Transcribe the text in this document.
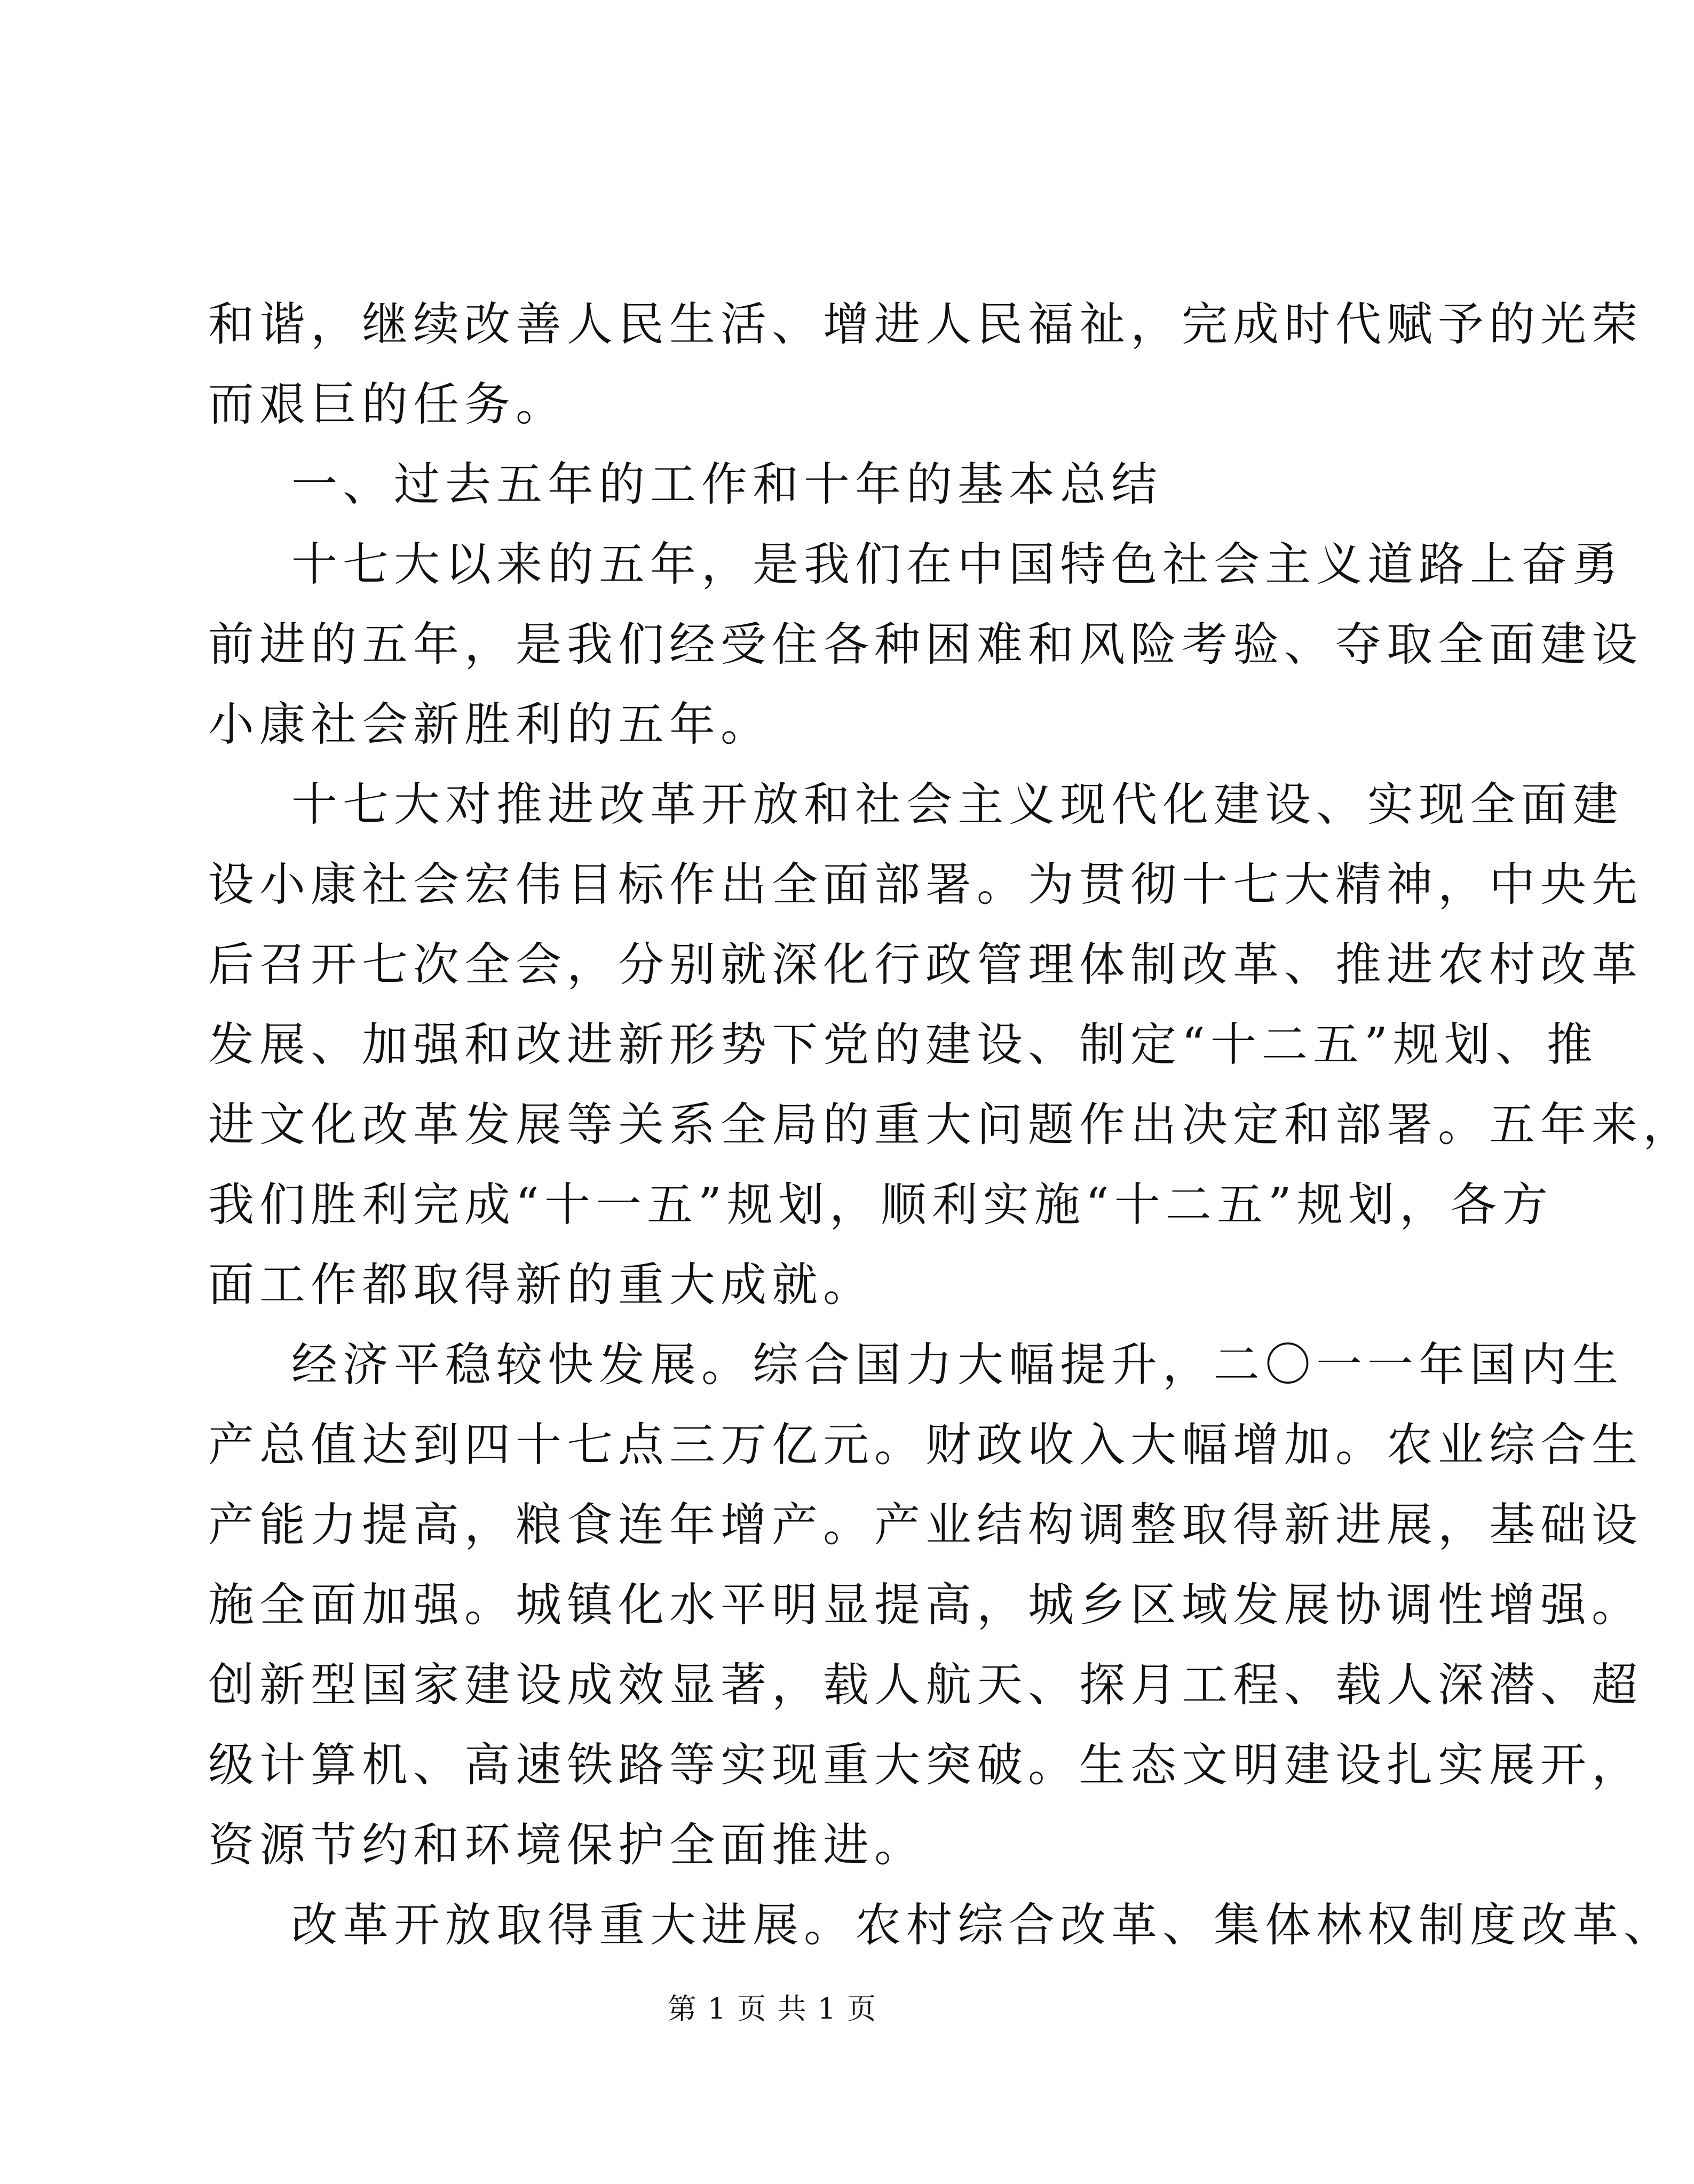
和谐，继续改善人民生活、增进人民福祉，完成时代赋予的光荣

而艰巨的任务。

一、过去五年的工作和十年的基本总结

十七大以来的五年，是我们在中国特色社会主义道路上奋勇

前进的五年，是我们经受住各种困难和风险考验、夺取全面建设

小康社会新胜利的五年。

十七大对推进改革开放和社会主义现代化建设、实现全面建

设小康社会宏伟目标作出全面部署。为贯彻十七大精神，中央先

后召开七次全会，分别就深化行政管理体制改革、推进农村改革

发展、加强和改进新形势下党的建设、制定“十二五”规划、推

进文化改革发展等关系全局的重大问题作出决定和部署。五年来，

我们胜利完成“十一五”规划，顺利实施“十二五”规划，各方

面工作都取得新的重大成就。

经济平稳较快发展。综合国力大幅提升，二〇一一年国内生

产总值达到四十七点三万亿元。财政收入大幅增加。农业综合生

产能力提高，粮食连年增产。产业结构调整取得新进展，基础设

施全面加强。城镇化水平明显提高，城乡区域发展协调性增强。

创新型国家建设成效显著，载人航天、探月工程、载人深潜、超

级计算机、高速铁路等实现重大突破。生态文明建设扎实展开，

资源节约和环境保护全面推进。

改革开放取得重大进展。农村综合改革、集体林权制度改革、

第 1 页 共 1 页
